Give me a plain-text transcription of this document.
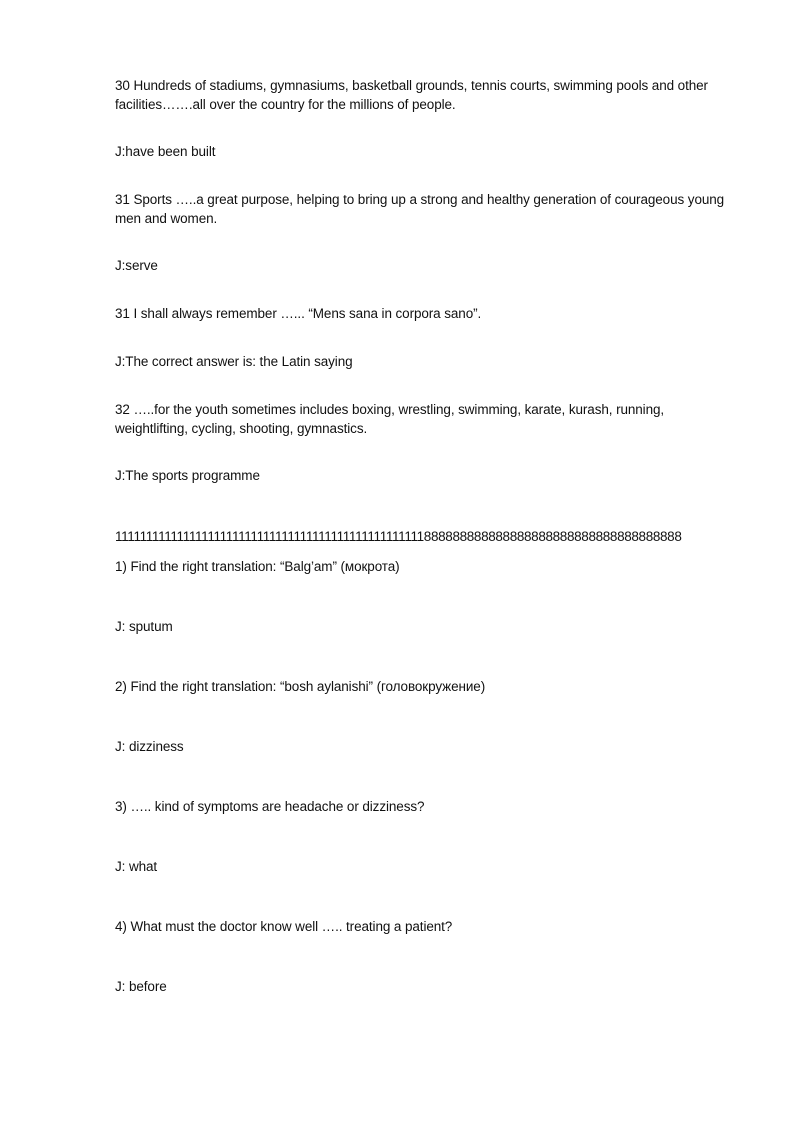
30 Hundreds of stadiums, gymnasiums, basketball grounds, tennis courts, swimming pools and other facilities…….all over the country for the millions of people.
J:have been built
31 Sports …..a great purpose, helping to bring up a strong and healthy generation of courageous young men and women.
J:serve
31 I shall always remember …... “Mens sana in corpora sano”.
J:The correct answer is: the Latin saying
32 …..for the youth sometimes includes boxing, wrestling, swimming, karate, kurash, running, weightlifting, cycling, shooting, gymnastics.
J:The sports programme
11111111111111111111111111111111111111111111111111888888888888888888888888888888888888
1) Find the right translation: “Balg’am” (мокрота)
J: sputum
2) Find the right translation: “bosh aylanishi” (головокружение)
J: dizziness
3) ….. kind of symptoms are headache or dizziness?
J: what
4) What must the doctor know well ….. treating a patient?
J: before
